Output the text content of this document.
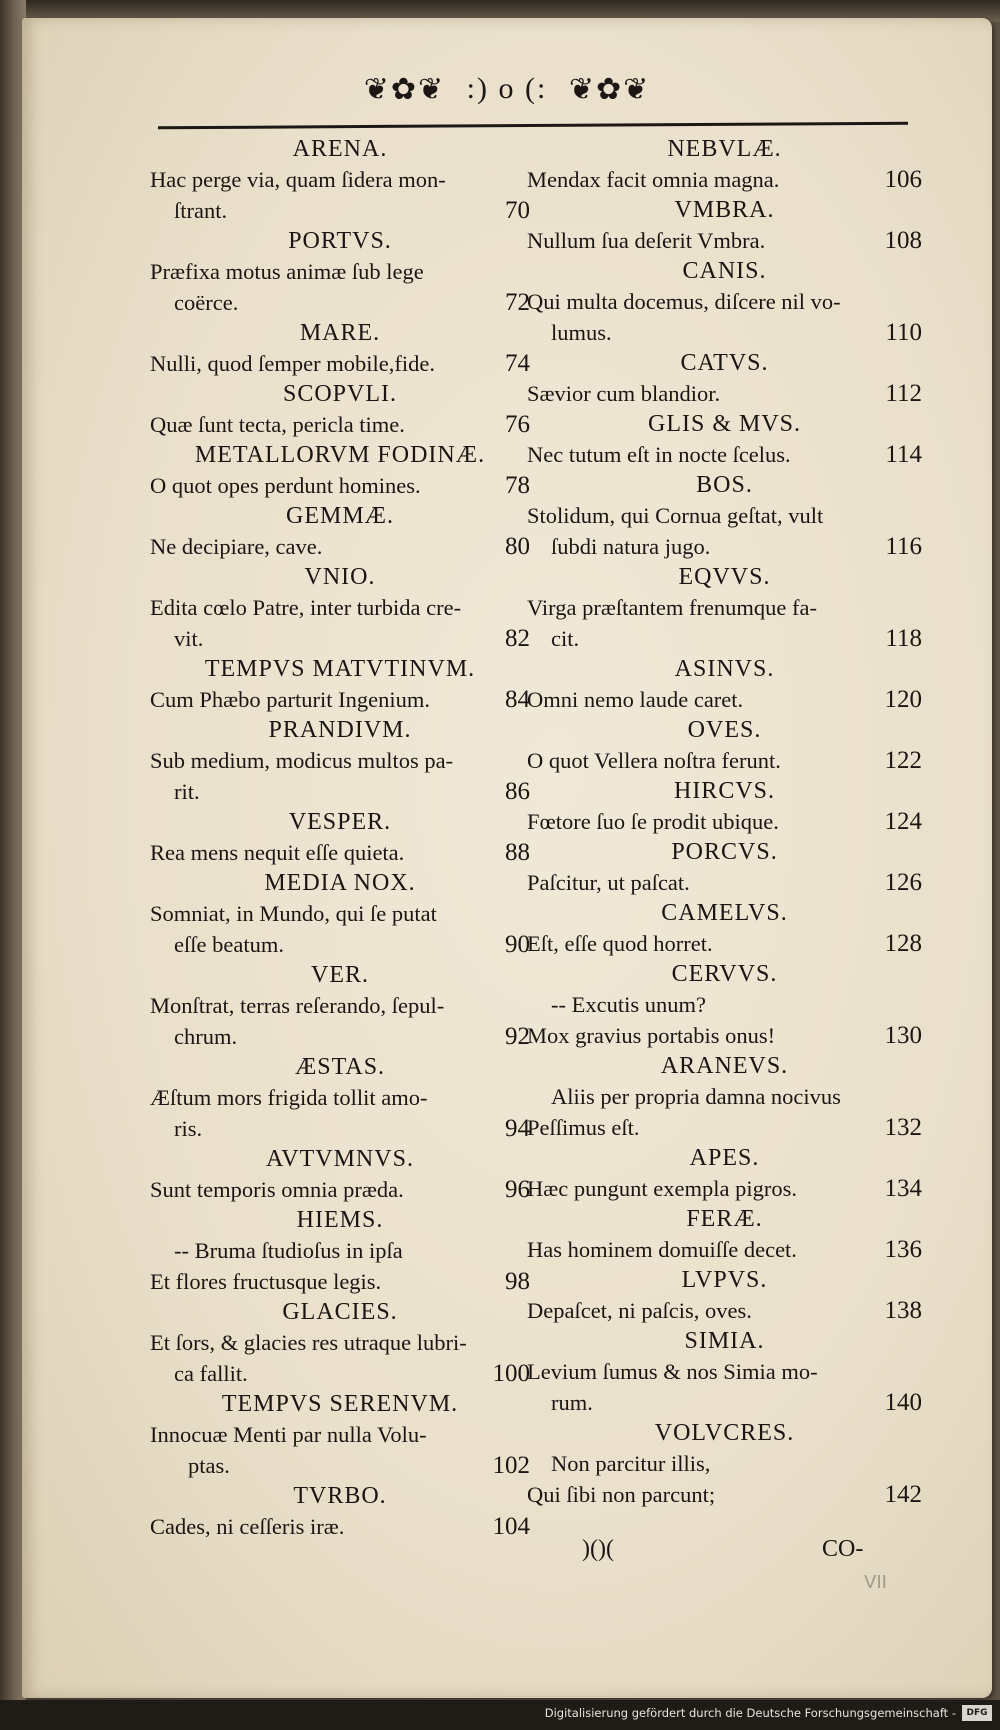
❦✿❦ :) o (: ❦✿❦
ARENA.
Hac perge via, quam ſidera mon-
ſtrant.	70
PORTVS.
Præfixa motus animæ ſub lege
coërce.	72
MARE.
Nulli, quod ſemper mobile,fide.	74
SCOPVLI.
Quæ ſunt tecta, pericla time.	76
METALLORVM FODINÆ.
O quot opes perdunt homines.	78
GEMMÆ.
Ne decipiare, cave.	80
VNIO.
Edita cœlo Patre, inter turbida cre-
vit.	82
TEMPVS MATVTINVM.
Cum Phæbo parturit Ingenium.	84
PRANDIVM.
Sub medium, modicus multos pa-
rit.	86
VESPER.
Rea mens nequit eſſe quieta.	88
MEDIA NOX.
Somniat, in Mundo, qui ſe putat
eſſe beatum.	90
VER.
Monſtrat, terras reſerando, ſepul-
chrum.	92
ÆSTAS.
Æſtum mors frigida tollit amo-
ris.	94
AVTVMNVS.
Sunt temporis omnia præda.	96
HIEMS.
-- Bruma ſtudioſus in ipſa
Et flores fructusque legis.	98
GLACIES.
Et ſors, & glacies res utraque lubri-
ca fallit.	100
TEMPVS SERENVM.
Innocuæ Menti par nulla Volu-
ptas.	102
TVRBO.
Cades, ni ceſſeris iræ.	104
NEBVLÆ.
Mendax facit omnia magna.	106
VMBRA.
Nullum ſua deſerit Vmbra.	108
CANIS.
Qui multa docemus, diſcere nil vo-
lumus.	110
CATVS.
Sævior cum blandior.	112
GLIS & MVS.
Nec tutum eſt in nocte ſcelus.	114
BOS.
Stolidum, qui Cornua geſtat, vult
ſubdi natura jugo.	116
EQVVS.
Virga præſtantem frenumque fa-
cit.	118
ASINVS.
Omni nemo laude caret.	120
OVES.
O quot Vellera noſtra ferunt.	122
HIRCVS.
Fœtore ſuo ſe prodit ubique.	124
PORCVS.
Paſcitur, ut paſcat.	126
CAMELVS.
Eſt, eſſe quod horret.	128
CERVVS.
-- Excutis unum?
Mox gravius portabis onus!	130
ARANEVS.
Aliis per propria damna nocivus
Peſſimus eſt.	132
APES.
Hæc pungunt exempla pigros.	134
FERÆ.
Has hominem domuiſſe decet.	136
LVPVS.
Depaſcet, ni paſcis, oves.	138
SIMIA.
Levium ſumus & nos Simia mo-
rum.	140
VOLVCRES.
Non parcitur illis,
Qui ſibi non parcunt;	142
)()(	CO-
VII
Digitalisierung gefördert durch die Deutsche Forschungsgemeinschaft -	DFG
